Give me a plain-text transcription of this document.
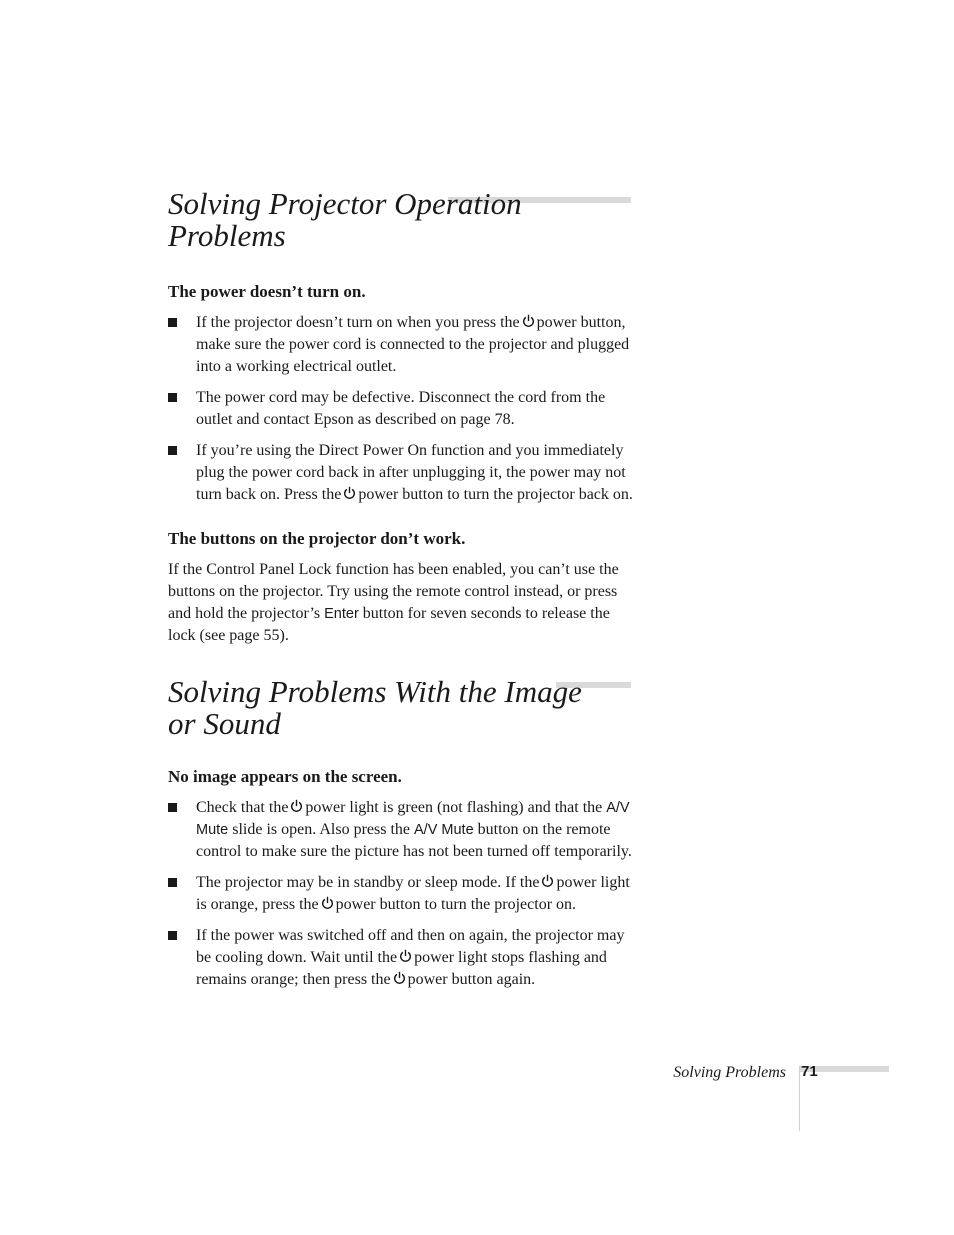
Solving Projector Operation Problems
The power doesn’t turn on.
If the projector doesn’t turn on when you press the power button, make sure the power cord is connected to the projector and plugged into a working electrical outlet.
The power cord may be defective. Disconnect the cord from the outlet and contact Epson as described on page 78.
If you’re using the Direct Power On function and you immediately plug the power cord back in after unplugging it, the power may not turn back on. Press the power button to turn the projector back on.
The buttons on the projector don’t work.

If the Control Panel Lock function has been enabled, you can’t use the buttons on the projector. Try using the remote control instead, or press and hold the projector’s Enter button for seven seconds to release the lock (see page 55).

Solving Problems With the Image
or Sound
No image appears on the screen.
Check that the power light is green (not flashing) and that the A/V Mute slide is open. Also press the A/V Mute button on the remote control to make sure the picture has not been turned off temporarily.
The projector may be in standby or sleep mode. If the power light is orange, press the power button to turn the projector on.
If the power was switched off and then on again, the projector may be cooling down. Wait until the power light stops flashing and remains orange; then press the power button again.
Solving Problems 71
